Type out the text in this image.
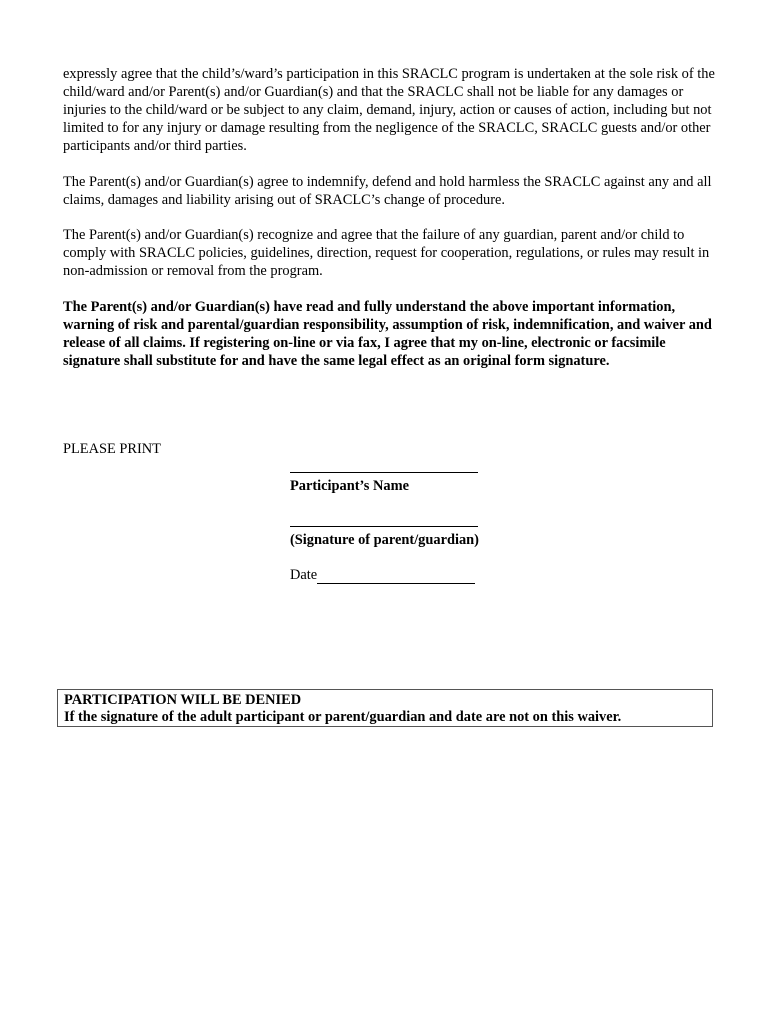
expressly agree that the child’s/ward’s participation in this SRACLC program is undertaken at the sole risk of the child/ward and/or Parent(s) and/or Guardian(s) and that the SRACLC shall not be liable for any damages or injuries to the child/ward or be subject to any claim, demand, injury, action or causes of action, including but not limited to for any injury or damage resulting from the negligence of the SRACLC, SRACLC guests and/or other participants and/or third parties.

The Parent(s) and/or Guardian(s) agree to indemnify, defend and hold harmless the SRACLC against any and all claims, damages and liability arising out of SRACLC’s change of procedure.

The Parent(s) and/or Guardian(s) recognize and agree that the failure of any guardian, parent and/or child to comply with SRACLC policies, guidelines, direction, request for cooperation, regulations, or rules may result in non-admission or removal from the program.

The Parent(s) and/or Guardian(s) have read and fully understand the above important information, warning of risk and parental/guardian responsibility, assumption of risk, indemnification, and waiver and release of all claims. If registering on-line or via fax, I agree that my on-line, electronic or facsimile signature shall substitute for and have the same legal effect as an original form signature.

PLEASE PRINT
Participant’s Name
(Signature of parent/guardian)
Date
PARTICIPATION WILL BE DENIED
If the signature of the adult participant or parent/guardian and date are not on this waiver.
